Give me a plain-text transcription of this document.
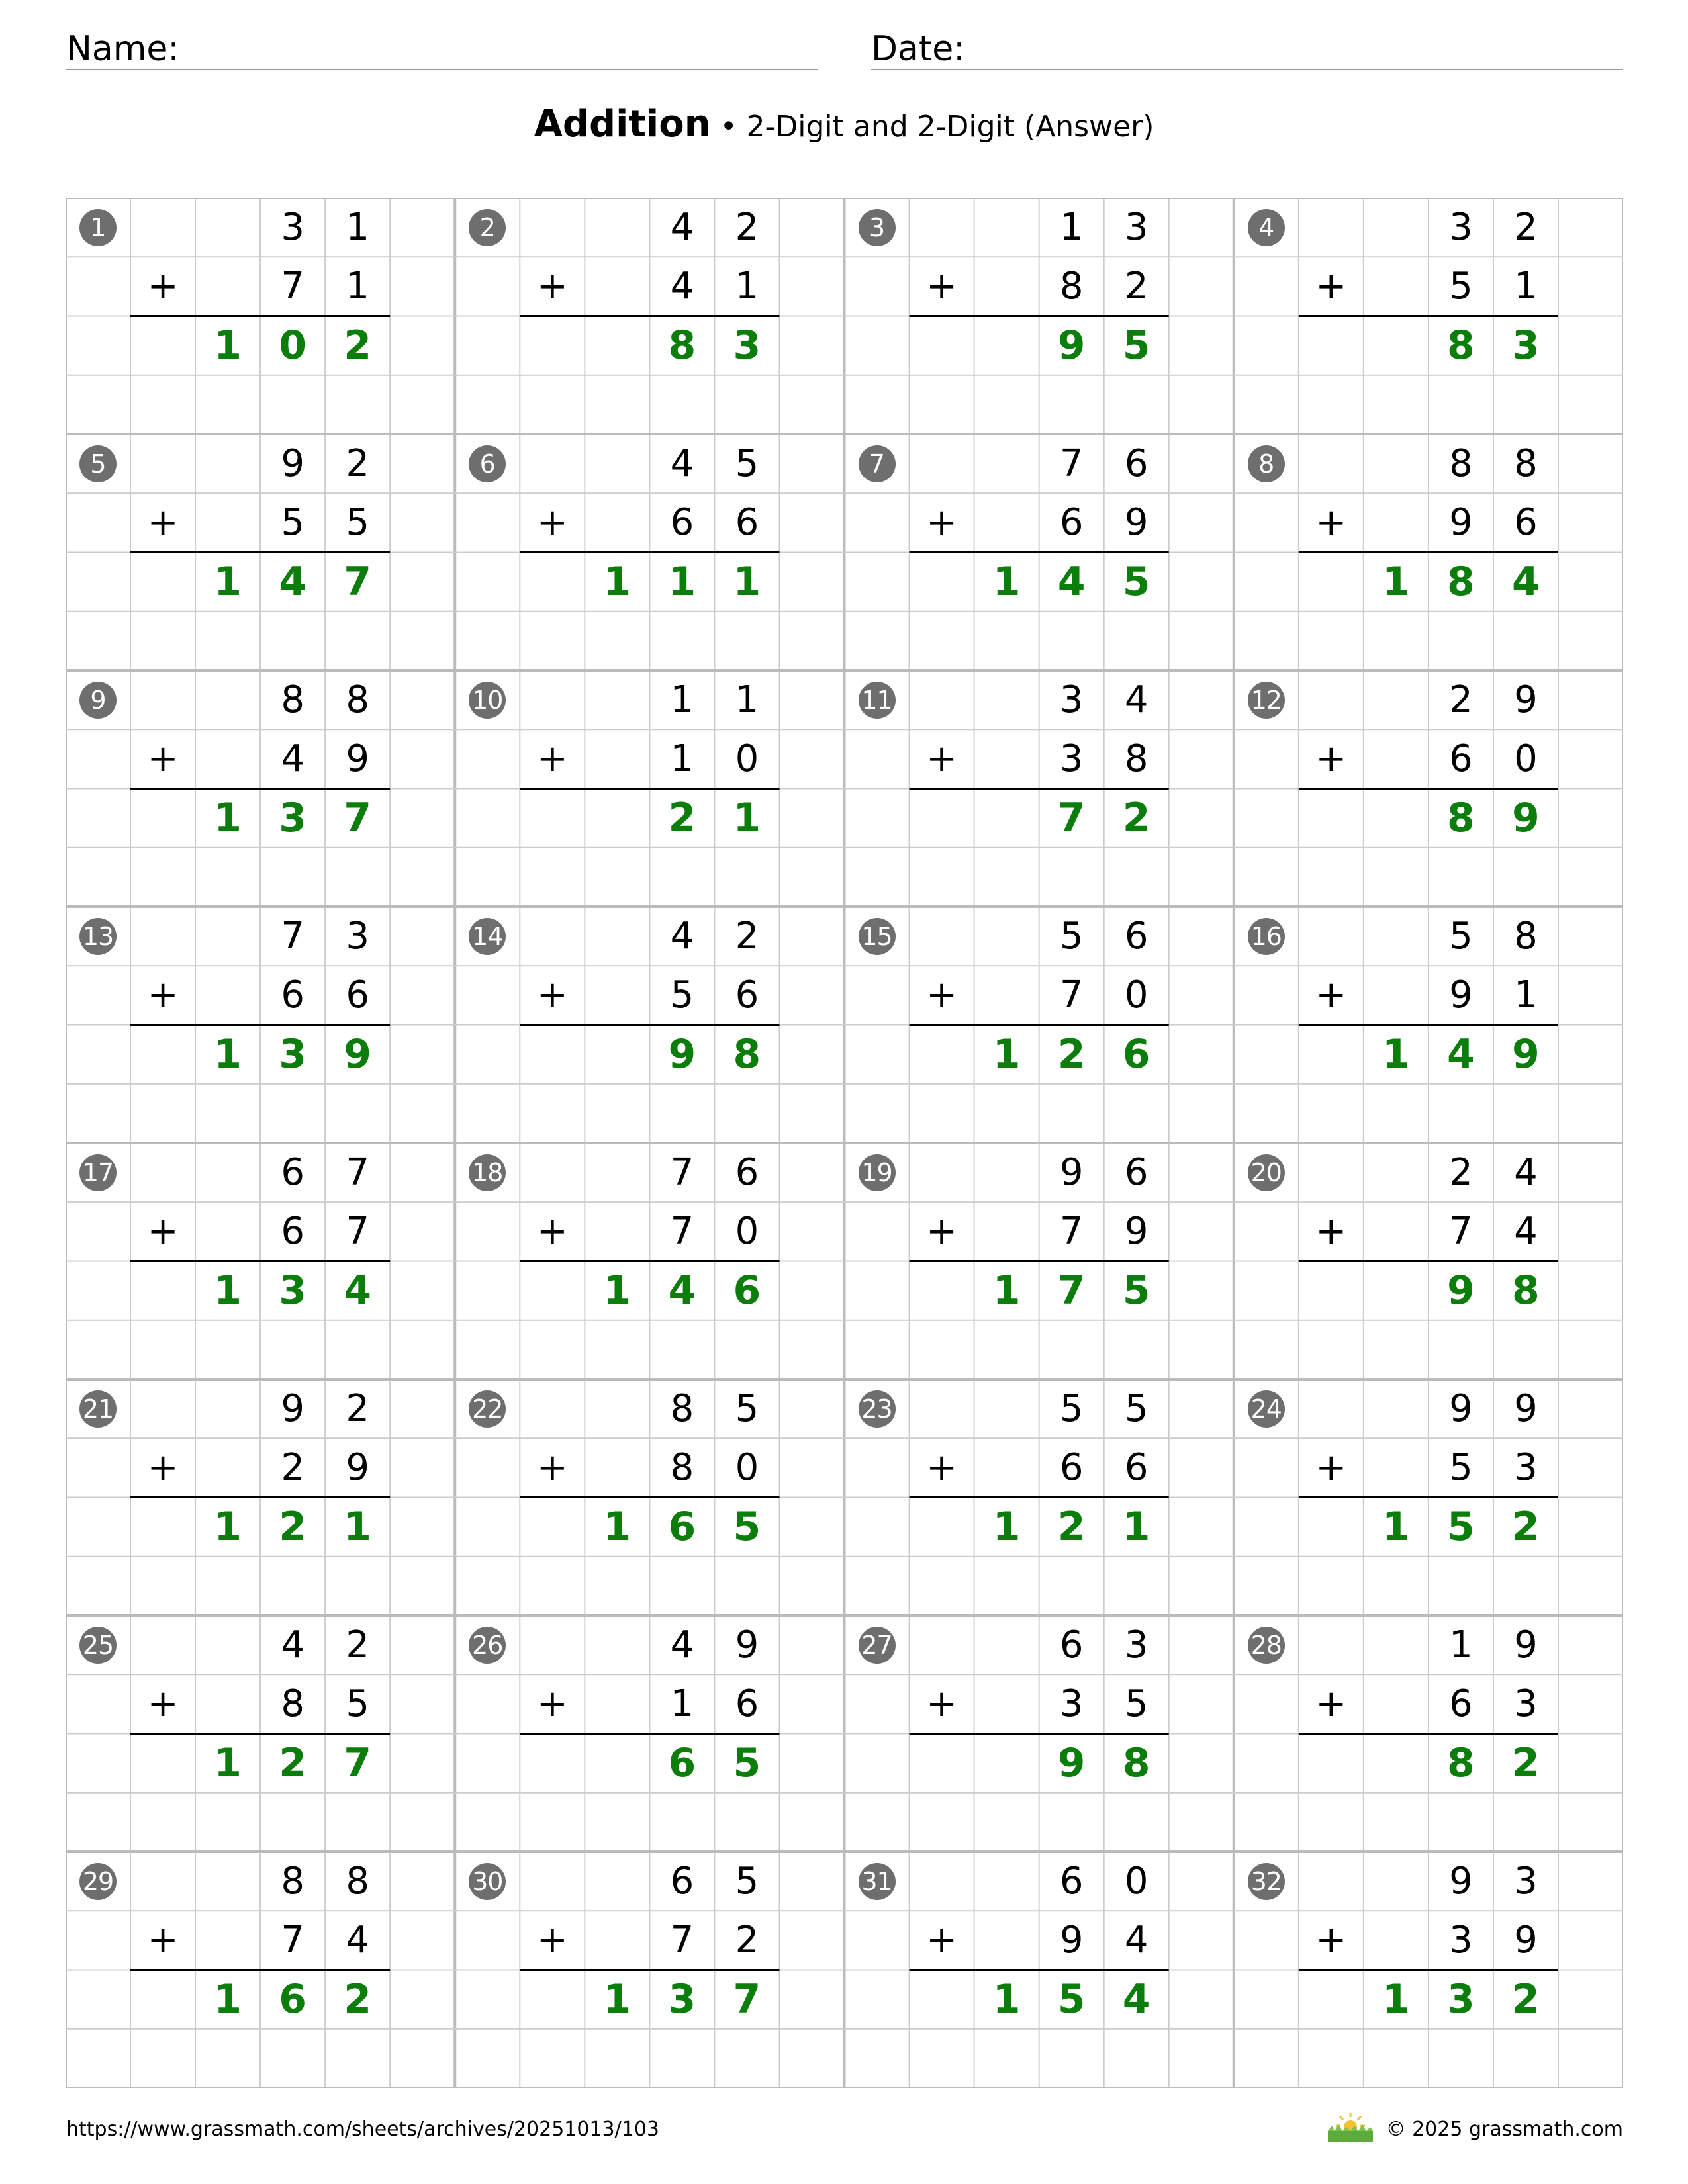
Name:	Date:
Addition • 2-Digit and 2-Digit (Answer)
1	3	1
+	7	1
1 0 2
2	4	2
+	4	1
8 3
3	1	3
+	8	2
9 5
4	3	2
+	5	1
8 3
5	9	2
+	5	5
1 4 7
6	4	5
+	6	6
1 1 1
7	7	6
+	6	9
1 4 5
8	8	8
+	9	6
1 8 4
9	8	8
+	4	9
1 3 7
10	1	1
+	1	0
2 1
11	3	4
+	3	8
7 2
12	2	9
+	6	0
8 9
13	7	3
+	6	6
1 3 9
14	4	2
+	5	6
9 8
15	5	6
+	7	0
1 2 6
16	5	8
+	9	1
1 4 9
17	6	7
+	6	7
1 3 4
18	7	6
+	7	0
1 4 6
19	9	6
+	7	9
1 7 5
20	2	4
+	7	4
9 8
21	9	2
+	2	9
1 2 1
22	8	5
+	8	0
1 6 5
23	5	5
+	6	6
1 2 1
24	9	9
+	5	3
1 5 2
25	4	2
+	8	5
1 2 7
26	4	9
+	1	6
6 5
27	6	3
+	3	5
9 8
28	1	9
+	6	3
8 2
29	8	8
+	7	4
1 6 2
30	6	5
+	7	2
1 3 7
31	6	0
+	9	4
1 5 4
32	9	3
+	3	9
1 3 2
https://www.grassmath.com/sheets/archives/20251013/103	© 2025 grassmath.com
